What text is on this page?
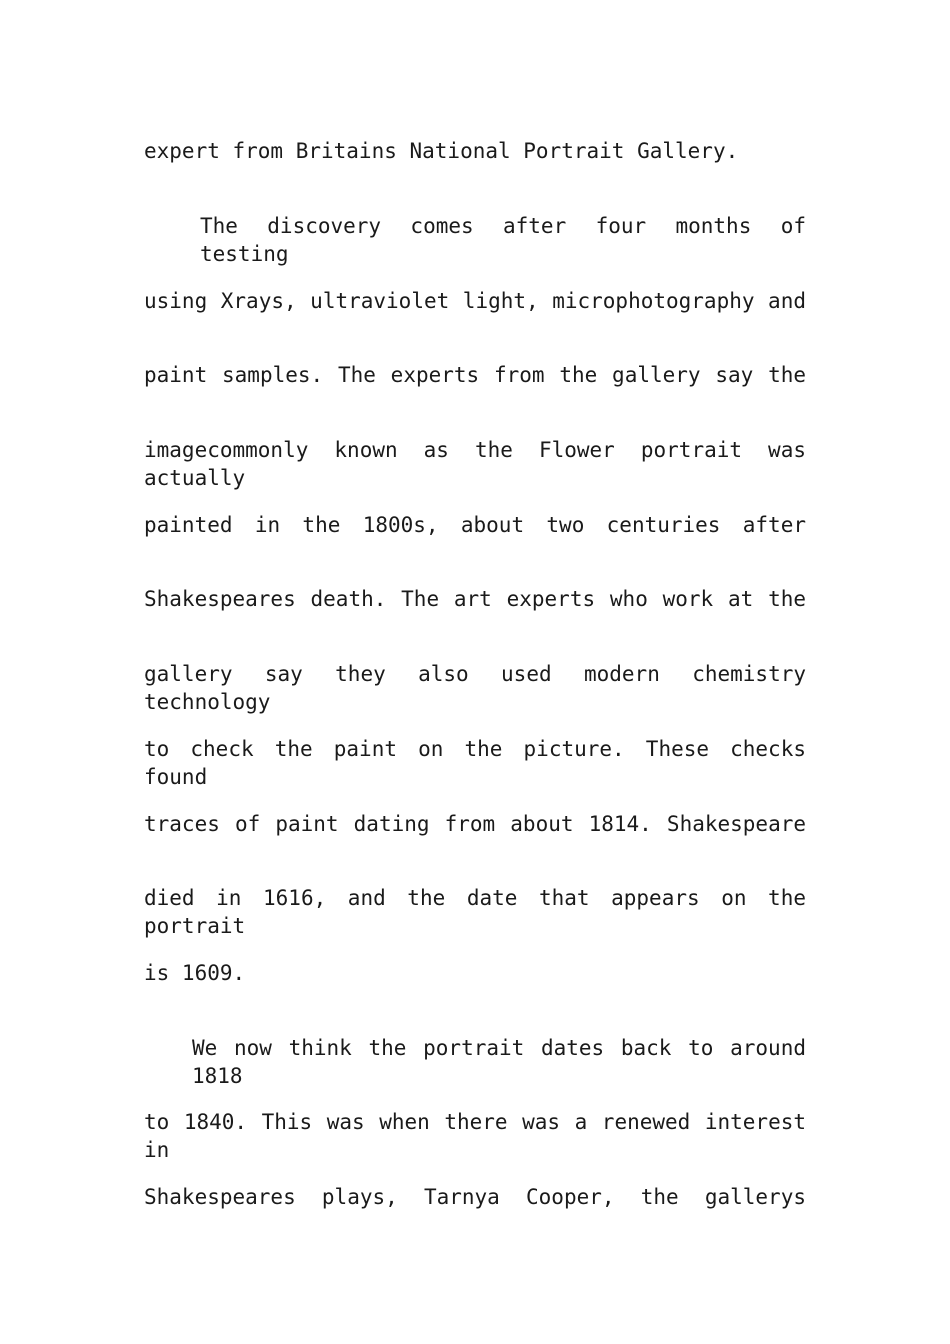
expert from Britains National Portrait Gallery.
The discovery comes after four months of testing
using Xrays, ultraviolet light, microphotography and
paint samples. The experts from the gallery say the
imagecommonly known as the Flower portrait was actually
painted in the 1800s, about two centuries after
Shakespeares death. The art experts who work at the
gallery say they also used modern chemistry technology
to check the paint on the picture. These checks found
traces of paint dating from about 1814. Shakespeare
died in 1616, and the date that appears on the portrait
is 1609.
We now think the portrait dates back to around 1818
to 1840. This was when there was a renewed interest in
Shakespeares plays, Tarnya Cooper, the gallerys
